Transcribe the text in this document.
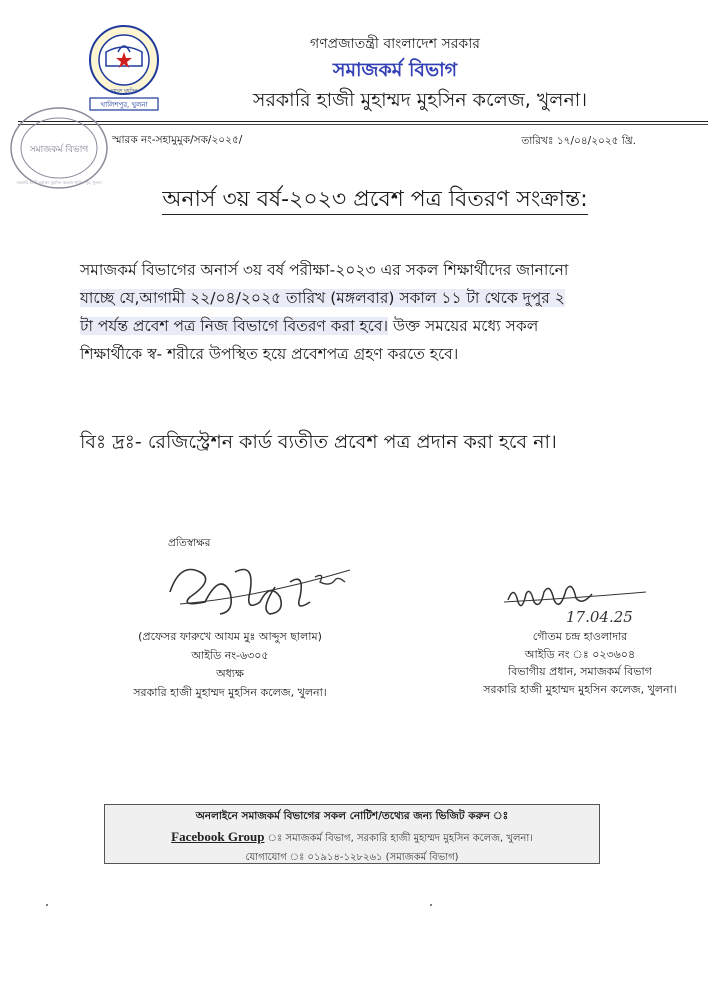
খালিশপুর, খুলনা
মুহম্মদ মুহসিন
গণপ্রজাতন্ত্রী বাংলাদেশ সরকার
সমাজকর্ম বিভাগ
সরকারি হাজী মুহাম্মদ মুহসিন কলেজ, খুলনা।
সমাজকর্ম বিভাগ
সরকারি হাজী মুহাম্মদ মুহসিন কলেজ খালিশপুর, খুলনা
স্মারক নং-সহামুমুক/সক/২০২৫/	তারিখঃ ১৭/০৪/২০২৫ খ্রি.
অনার্স ৩য় বর্ষ-২০২৩ প্রবেশ পত্র বিতরণ সংক্রান্ত:
সমাজকর্ম বিভাগের অনার্স ৩য় বর্ষ পরীক্ষা-২০২৩ এর সকল শিক্ষার্থীদের জানানো
যাচ্ছে যে,আগামী ২২/০৪/২০২৫ তারিখ (মঙ্গলবার) সকাল ১১ টা থেকে দুপুর ২
টা পর্যন্ত প্রবেশ পত্র নিজ বিভাগে বিতরণ করা হবে। উক্ত সময়ের মধ্যে সকল
শিক্ষার্থীকে স্ব- শরীরে উপস্থিত হয়ে প্রবেশপত্র গ্রহণ করতে হবে।
বিঃ দ্রঃ- রেজিস্ট্রেশন কার্ড ব্যতীত প্রবেশ পত্র প্রদান করা হবে না।
প্রতিস্বাক্ষর
(প্রফেসর ফারুখে আযম মুঃ আব্দুস ছালাম)
আইডি নং-৬৩০৫
অধ্যক্ষ
সরকারি হাজী মুহাম্মদ মুহসিন কলেজ, খুলনা।
17.04.25
গৌতম চন্দ্র হাওলাদার
আইডি নং ঃ ০২৩৬০৪
বিভাগীয় প্রধান, সমাজকর্ম বিভাগ
সরকারি হাজী মুহাম্মদ মুহসিন কলেজ, খুলনা।
অনলাইনে সমাজকর্ম বিভাগের সকল নোটিশ/তথ্যের জন্য ভিজিট করুন ঃ
Facebook Group ঃ সমাজকর্ম বিভাগ, সরকারি হাজী মুহাম্মদ মুহসিন কলেজ, খুলনা।
যোগাযোগ ঃ ০১৯১৪-১২৮২৬১ (সমাজকর্ম বিভাগ)
